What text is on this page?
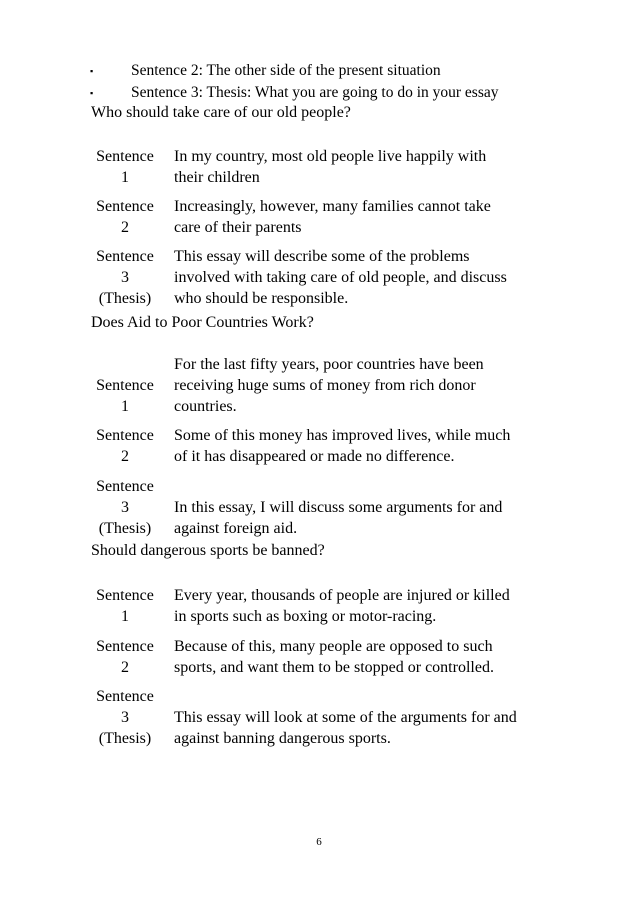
▪	Sentence 2: The other side of the present situation
▪	Sentence 3: Thesis: What you are going to do in your essay
Who should take care of our old people?
Sentence
1
In my country, most old people live happily with
their children
Sentence
2
Increasingly, however, many families cannot take
care of their parents
Sentence
3
(Thesis)
This essay will describe some of the problems
involved with taking care of old people, and discuss
who should be responsible.
Does Aid to Poor Countries Work?
Sentence
1
For the last fifty years, poor countries have been
receiving huge sums of money from rich donor
countries.
Sentence
2
Some of this money has improved lives, while much
of it has disappeared or made no difference.
Sentence
3
(Thesis)
In this essay, I will discuss some arguments for and
against foreign aid.
Should dangerous sports be banned?
Sentence
1
Every year, thousands of people are injured or killed
in sports such as boxing or motor-racing.
Sentence
2
Because of this, many people are opposed to such
sports, and want them to be stopped or controlled.
Sentence
3
(Thesis)
This essay will look at some of the arguments for and
against banning dangerous sports.
6
